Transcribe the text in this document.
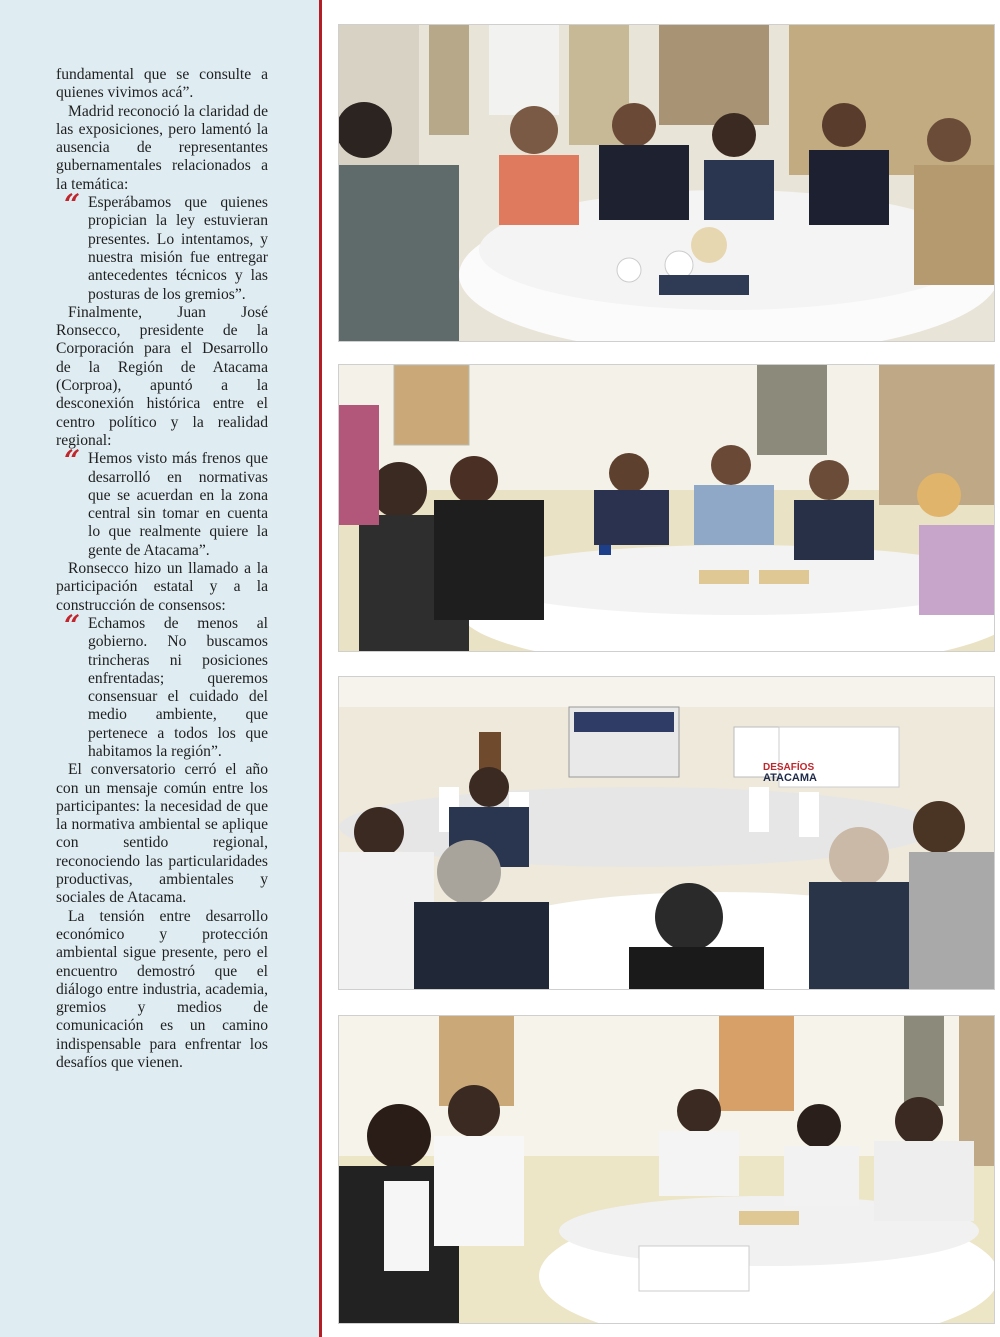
fundamental que se consulte a quienes vivimos acá”.

Madrid reconoció la claridad de las exposiciones, pero lamentó la ausencia de representantes gubernamentales relacionados a la temática:

“ Esperábamos que quienes propician la ley estuvieran presentes. Lo intentamos, y nuestra misión fue entregar antecedentes técnicos y las posturas de los gremios”.

Finalmente, Juan José Ronsecco, presidente de la Corporación para el Desarrollo de la Región de Atacama (Corproa), apuntó a la desconexión histórica entre el centro político y la realidad regional:

“ Hemos visto más frenos que desarrolló en normativas que se acuerdan en la zona central sin tomar en cuenta lo que realmente quiere la gente de Atacama”.

Ronsecco hizo un llamado a la participación estatal y a la construcción de consensos:

“ Echamos de menos al gobierno. No buscamos trincheras ni posiciones enfrentadas; queremos consensuar el cuidado del medio ambiente, que pertenece a todos los que habitamos la región”.

El conversatorio cerró el año con un mensaje común entre los participantes: la necesidad de que la normativa ambiental se aplique con sentido regional, reconociendo las particularidades productivas, ambientales y sociales de Atacama.

La tensión entre desarrollo económico y protección ambiental sigue presente, pero el encuentro demostró que el diálogo entre industria, academia, gremios y medios de comunicación es un camino indispensable para enfrentar los desafíos que vienen.

DESAFÍOS
ATACAMA
